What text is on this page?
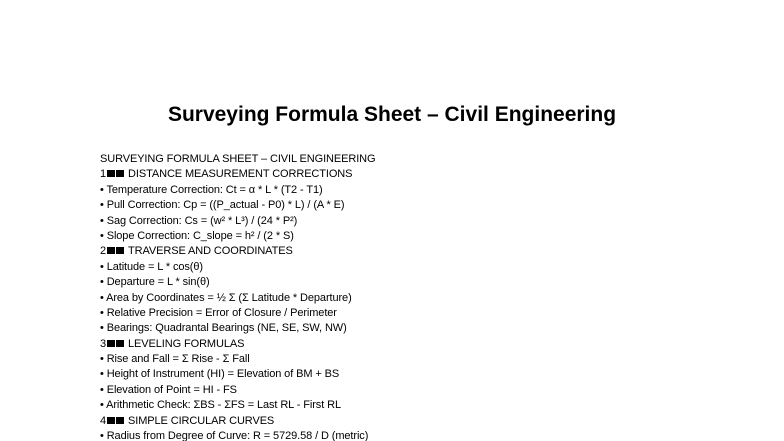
Surveying Formula Sheet – Civil Engineering
SURVEYING FORMULA SHEET – CIVIL ENGINEERING
1 DISTANCE MEASUREMENT CORRECTIONS
• Temperature Correction: Ct = α * L * (T2 - T1)
• Pull Correction: Cp = ((P_actual - P0) * L) / (A * E)
• Sag Correction: Cs = (w² * L³) / (24 * P²)
• Slope Correction: C_slope = h² / (2 * S)
2 TRAVERSE AND COORDINATES
• Latitude = L * cos(θ)
• Departure = L * sin(θ)
• Area by Coordinates = ½ Σ (Σ Latitude * Departure)
• Relative Precision = Error of Closure / Perimeter
• Bearings: Quadrantal Bearings (NE, SE, SW, NW)
3 LEVELING FORMULAS
• Rise and Fall = Σ Rise - Σ Fall
• Height of Instrument (HI) = Elevation of BM + BS
• Elevation of Point = HI - FS
• Arithmetic Check: ΣBS - ΣFS = Last RL - First RL
4 SIMPLE CIRCULAR CURVES
• Radius from Degree of Curve: R = 5729.58 / D (metric)
